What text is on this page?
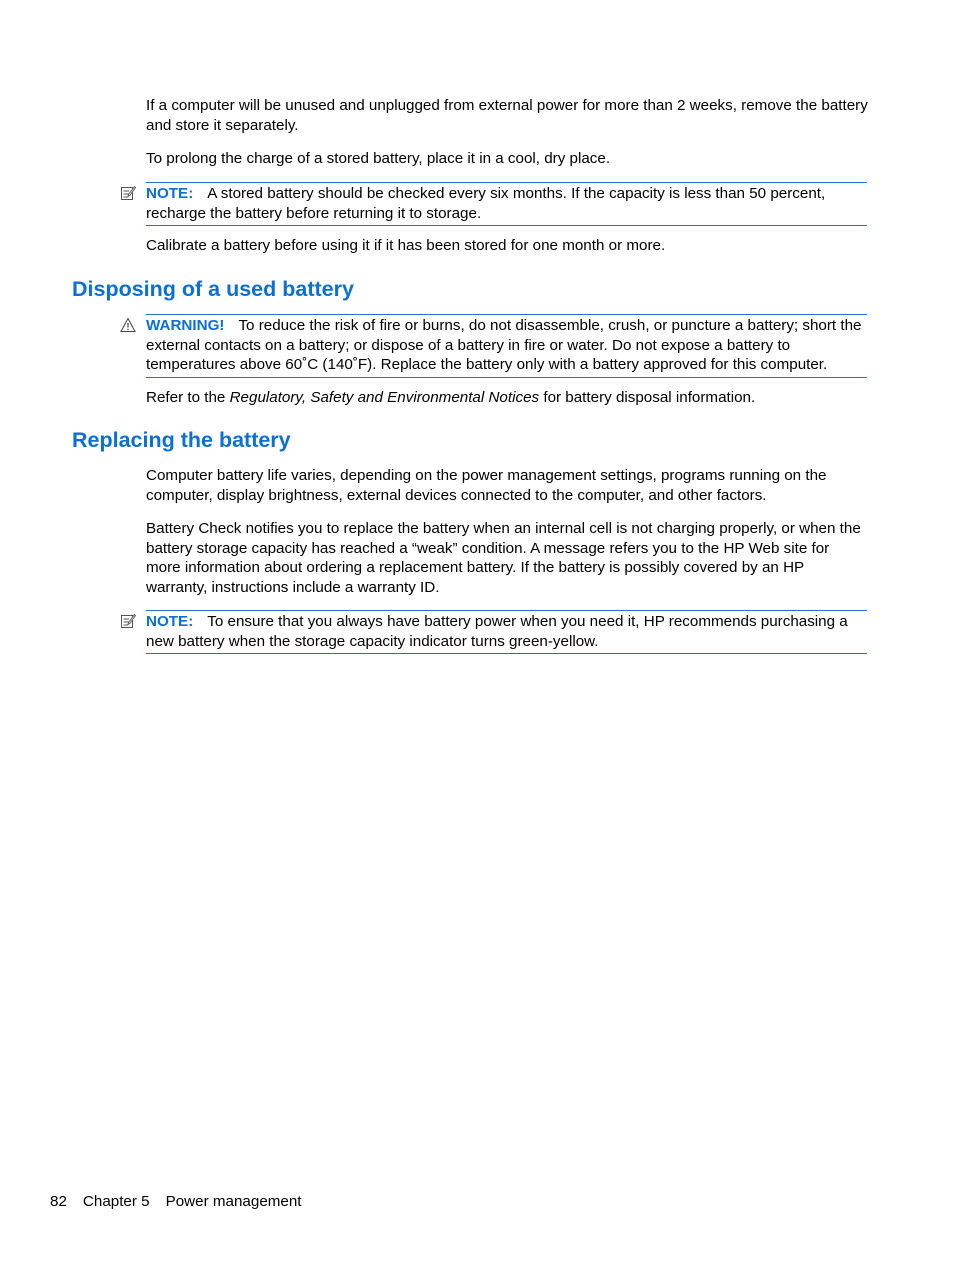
If a computer will be unused and unplugged from external power for more than 2 weeks, remove the battery and store it separately.

To prolong the charge of a stored battery, place it in a cool, dry place.

NOTE: A stored battery should be checked every six months. If the capacity is less than 50 percent, recharge the battery before returning it to storage.

Calibrate a battery before using it if it has been stored for one month or more.

Disposing of a used battery
WARNING! To reduce the risk of fire or burns, do not disassemble, crush, or puncture a battery; short the external contacts on a battery; or dispose of a battery in fire or water. Do not expose a battery to temperatures above 60˚C (140˚F). Replace the battery only with a battery approved for this computer.

Refer to the Regulatory, Safety and Environmental Notices for battery disposal information.

Replacing the battery

Computer battery life varies, depending on the power management settings, programs running on the computer, display brightness, external devices connected to the computer, and other factors.

Battery Check notifies you to replace the battery when an internal cell is not charging properly, or when the battery storage capacity has reached a “weak” condition. A message refers you to the HP Web site for more information about ordering a replacement battery. If the battery is possibly covered by an HP warranty, instructions include a warranty ID.

NOTE: To ensure that you always have battery power when you need it, HP recommends purchasing a new battery when the storage capacity indicator turns green-yellow.
82 Chapter 5 Power management
